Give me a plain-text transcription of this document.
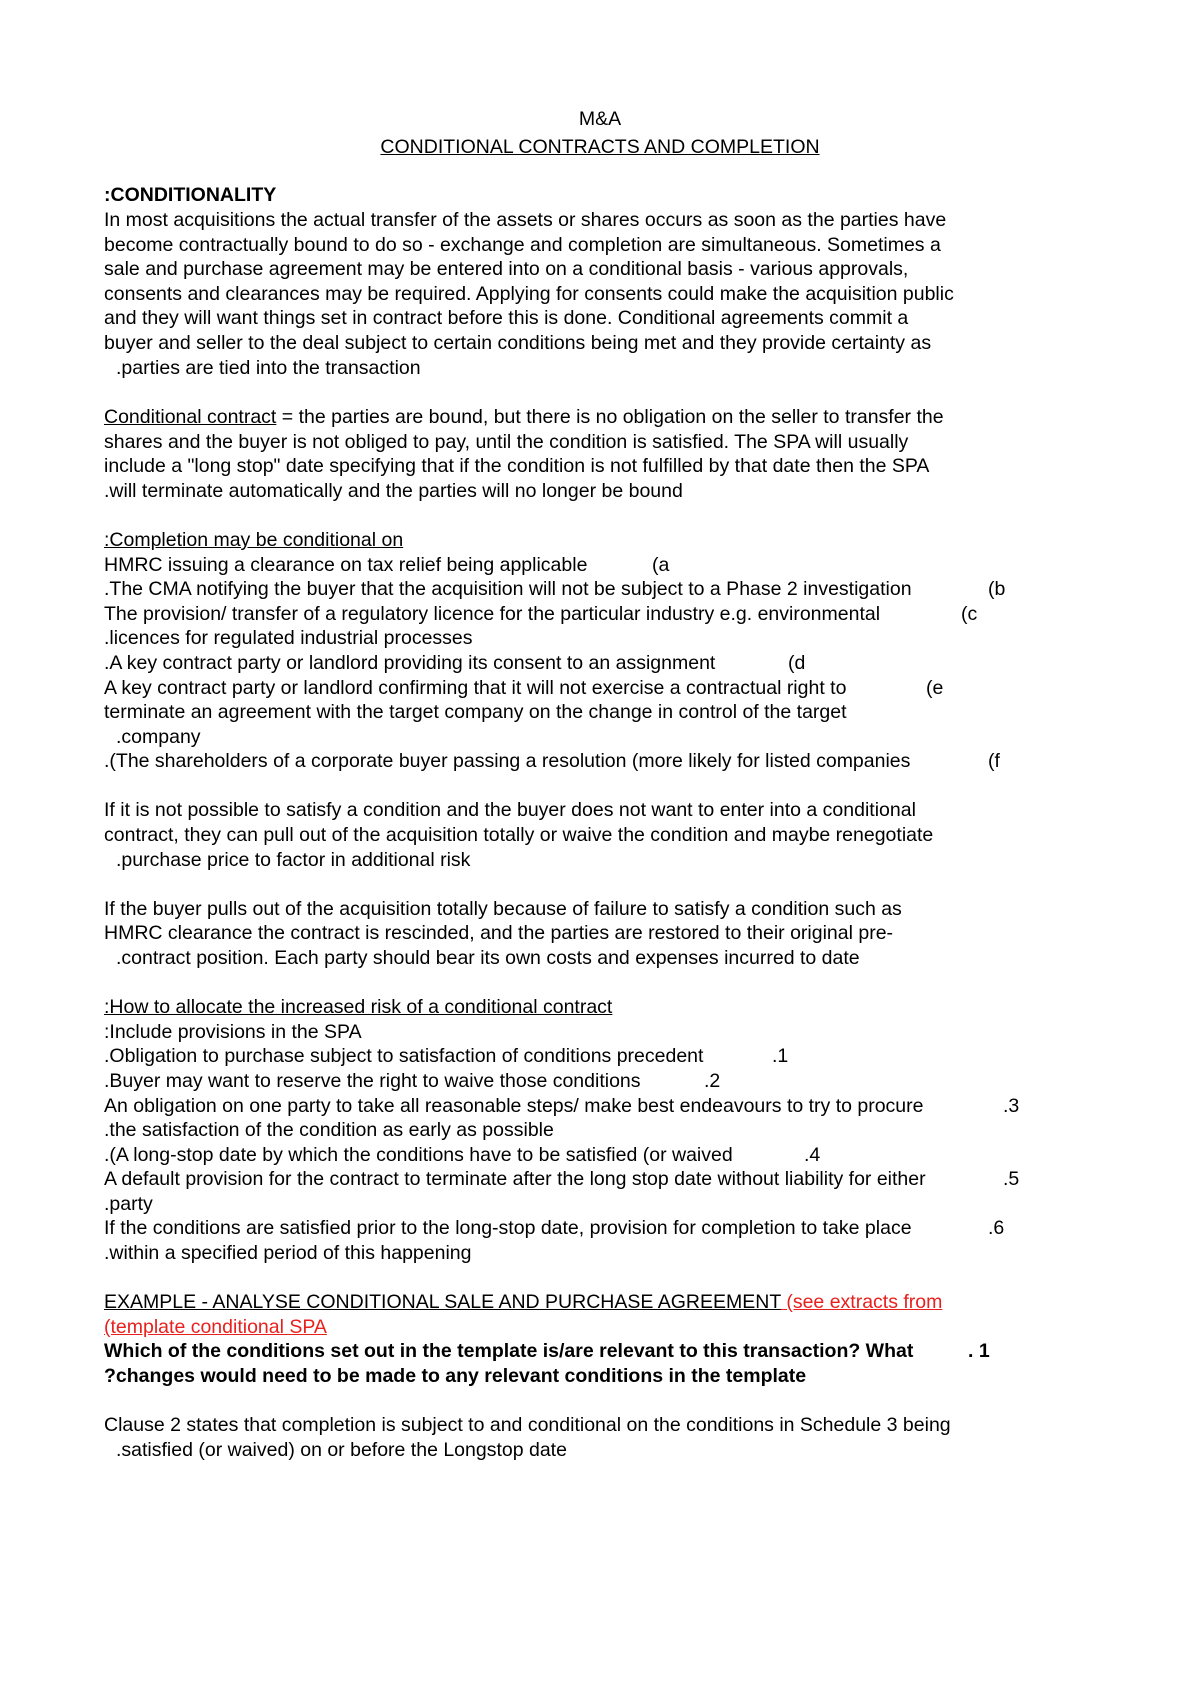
M&A
CONDITIONAL CONTRACTS AND COMPLETION
:CONDITIONALITY
In most acquisitions the actual transfer of the assets or shares occurs as soon as the parties have
become contractually bound to do so - exchange and completion are simultaneous. Sometimes a
sale and purchase agreement may be entered into on a conditional basis - various approvals,
consents and clearances may be required. Applying for consents could make the acquisition public
and they will want things set in contract before this is done. Conditional agreements commit a
buyer and seller to the deal subject to certain conditions being met and they provide certainty as
.parties are tied into the transaction
Conditional contract = the parties are bound, but there is no obligation on the seller to transfer the
shares and the buyer is not obliged to pay, until the condition is satisfied. The SPA will usually
include a "long stop" date specifying that if the condition is not fulfilled by that date then the SPA
.will terminate automatically and the parties will no longer be bound
:Completion may be conditional on
HMRC issuing a clearance on tax relief being applicable	(a
.The CMA notifying the buyer that the acquisition will not be subject to a Phase 2 investigation	(b
The provision/ transfer of a regulatory licence for the particular industry e.g. environmental	(c
.licences for regulated industrial processes
.A key contract party or landlord providing its consent to an assignment	(d
A key contract party or landlord confirming that it will not exercise a contractual right to	(e
terminate an agreement with the target company on the change in control of the target
.company
.(The shareholders of a corporate buyer passing a resolution (more likely for listed companies	(f
If it is not possible to satisfy a condition and the buyer does not want to enter into a conditional
contract, they can pull out of the acquisition totally or waive the condition and maybe renegotiate
.purchase price to factor in additional risk
If the buyer pulls out of the acquisition totally because of failure to satisfy a condition such as
HMRC clearance the contract is rescinded, and the parties are restored to their original pre-
.contract position. Each party should bear its own costs and expenses incurred to date
:How to allocate the increased risk of a conditional contract
:Include provisions in the SPA
.Obligation to purchase subject to satisfaction of conditions precedent	.1
.Buyer may want to reserve the right to waive those conditions	.2
An obligation on one party to take all reasonable steps/ make best endeavours to try to procure	.3
.the satisfaction of the condition as early as possible
.(A long-stop date by which the conditions have to be satisfied (or waived	.4
A default provision for the contract to terminate after the long stop date without liability for either	.5
.party
If the conditions are satisfied prior to the long-stop date, provision for completion to take place	.6
.within a specified period of this happening
EXAMPLE - ANALYSE CONDITIONAL SALE AND PURCHASE AGREEMENT (see extracts from
(template conditional SPA
Which of the conditions set out in the template is/are relevant to this transaction? What	. 1
?changes would need to be made to any relevant conditions in the template
Clause 2 states that completion is subject to and conditional on the conditions in Schedule 3 being
.satisfied (or waived) on or before the Longstop date
